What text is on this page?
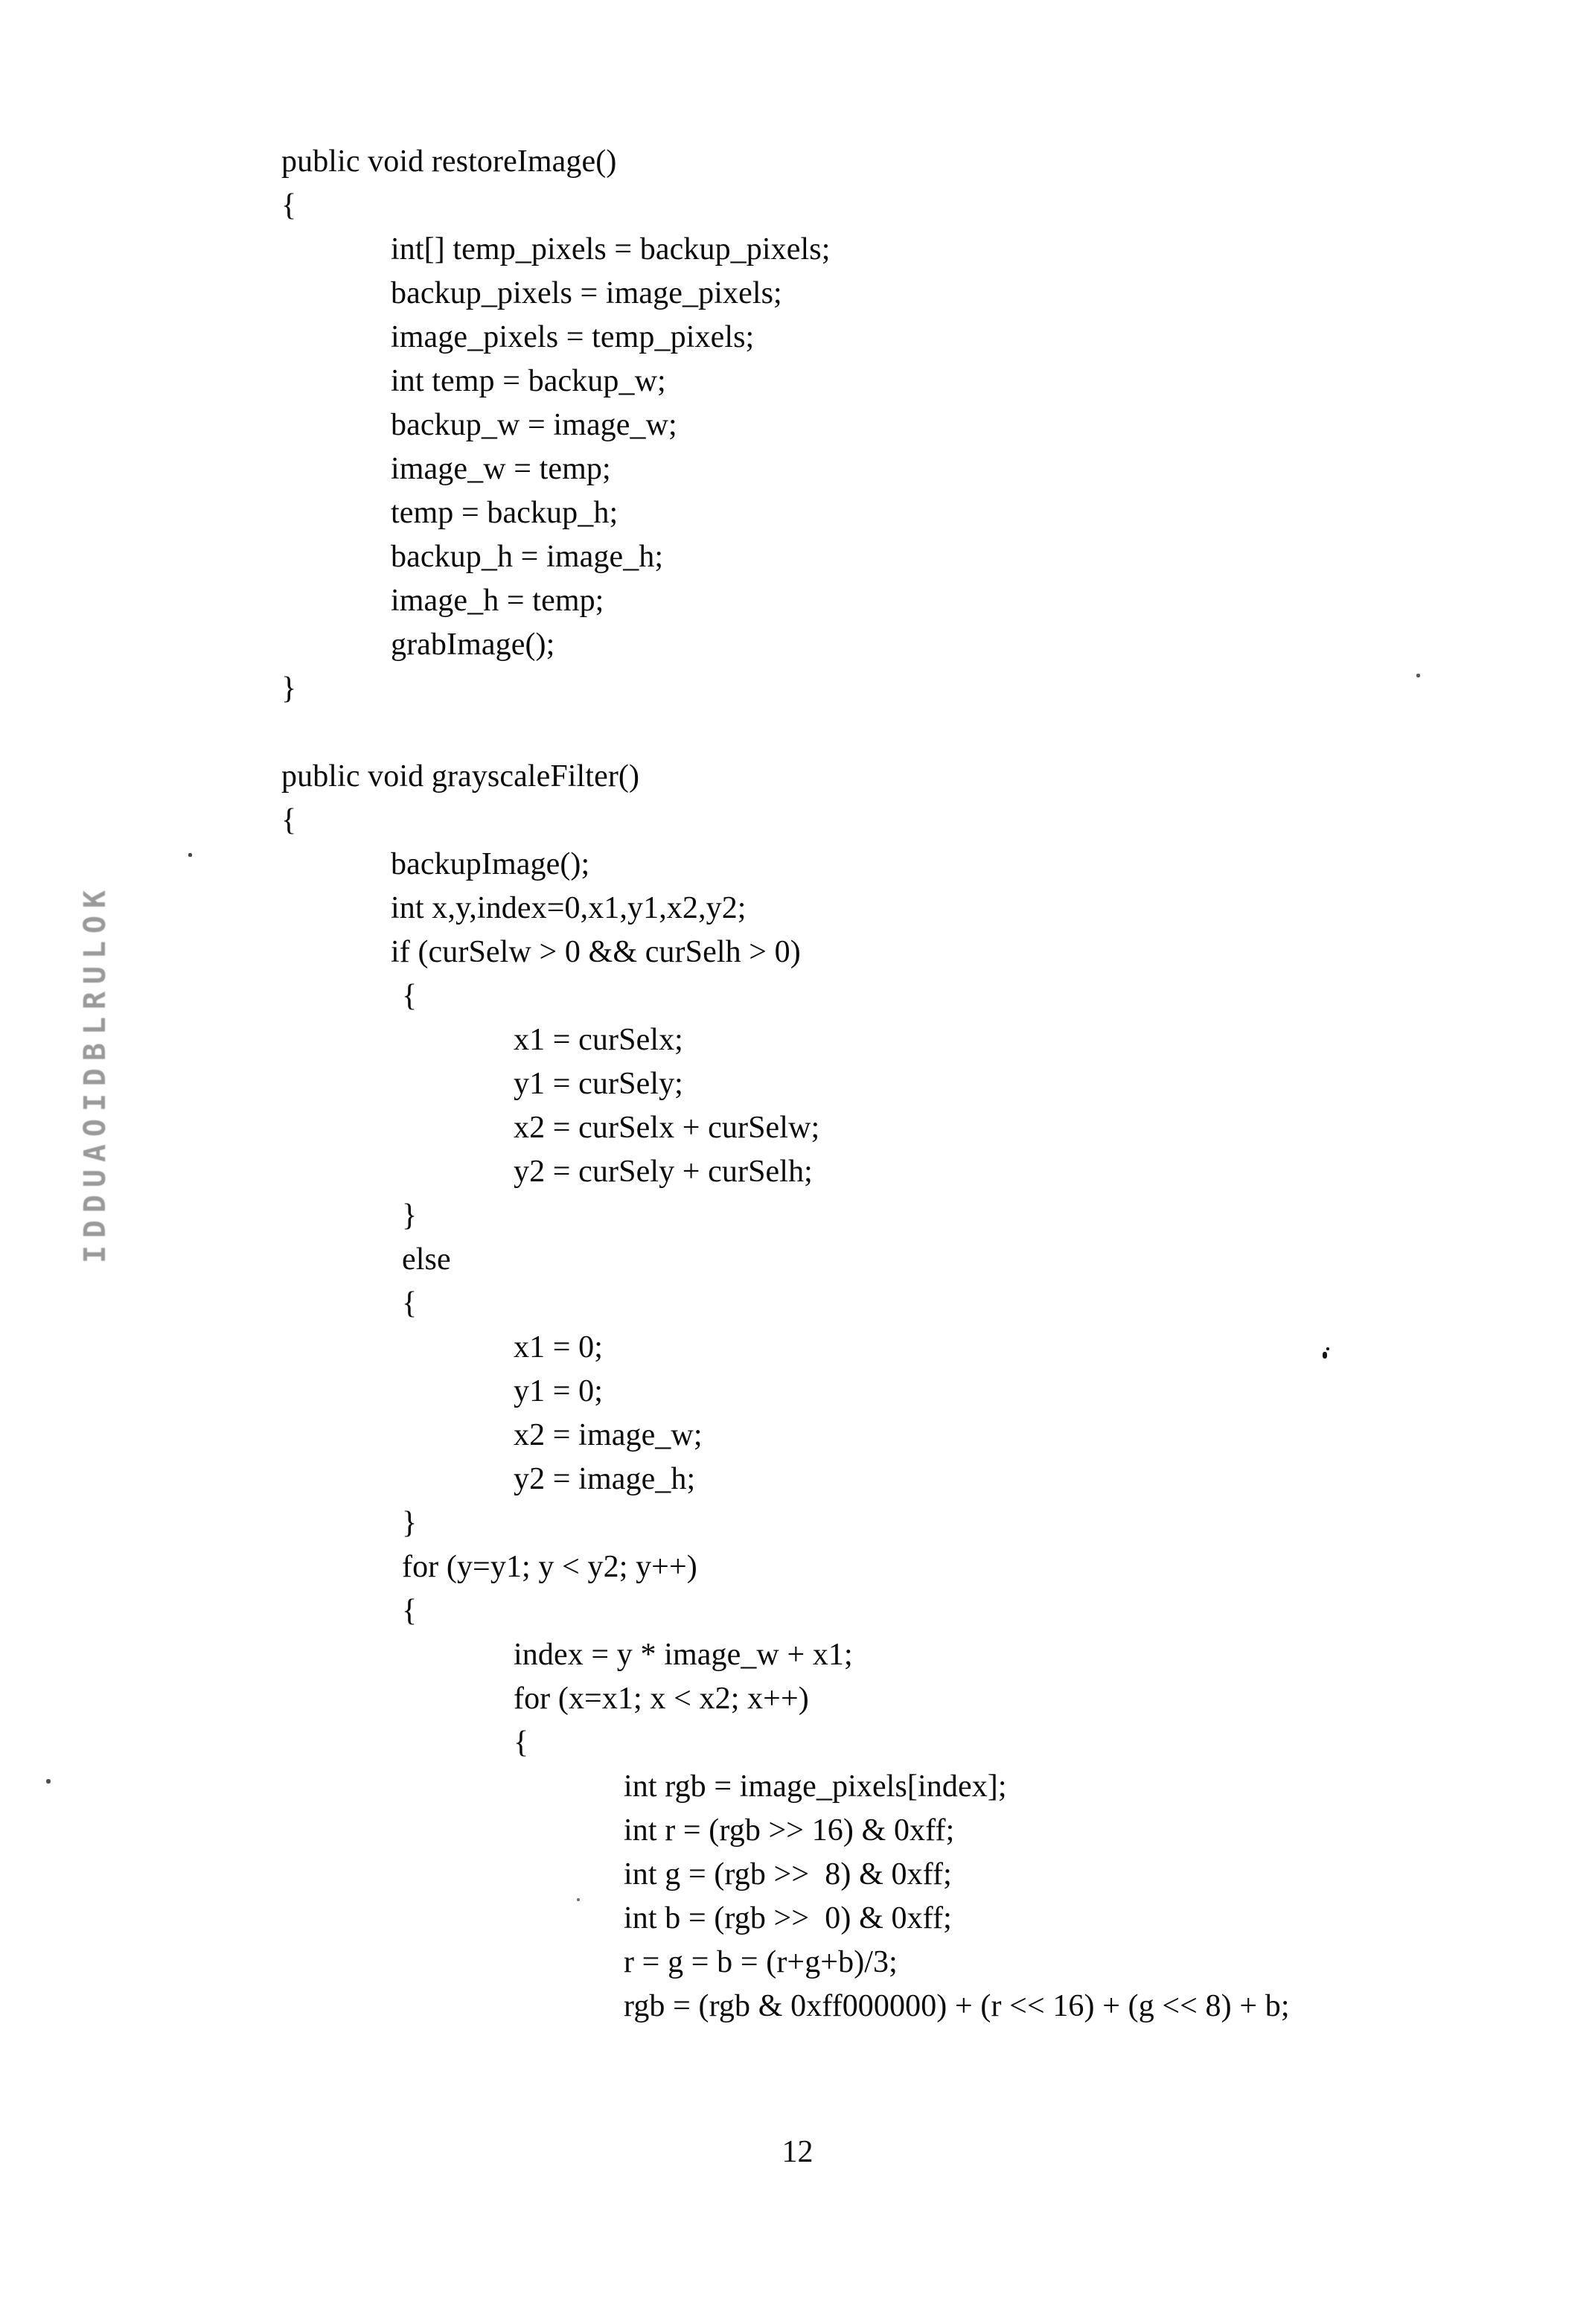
K
O
L
U
R
L
B
D
I
O
A
U
D
D
I
public void restoreImage()
{
int[] temp_pixels = backup_pixels;
backup_pixels = image_pixels;
image_pixels = temp_pixels;
int temp = backup_w;
backup_w = image_w;
image_w = temp;
temp = backup_h;
backup_h = image_h;
image_h = temp;
grabImage();
}
public void grayscaleFilter()
{
backupImage();
int x,y,index=0,x1,y1,x2,y2;
if (curSelw > 0 && curSelh > 0)
{
x1 = curSelx;
y1 = curSely;
x2 = curSelx + curSelw;
y2 = curSely + curSelh;
}
else
{
x1 = 0;
y1 = 0;
x2 = image_w;
y2 = image_h;
}
for (y=y1; y < y2; y++)
{
index = y * image_w + x1;
for (x=x1; x < x2; x++)
{
int rgb = image_pixels[index];
int r = (rgb >> 16) & 0xff;
int g = (rgb >>  8) & 0xff;
int b = (rgb >>  0) & 0xff;
r = g = b = (r+g+b)/3;
rgb = (rgb & 0xff000000) + (r << 16) + (g << 8) + b;
12
